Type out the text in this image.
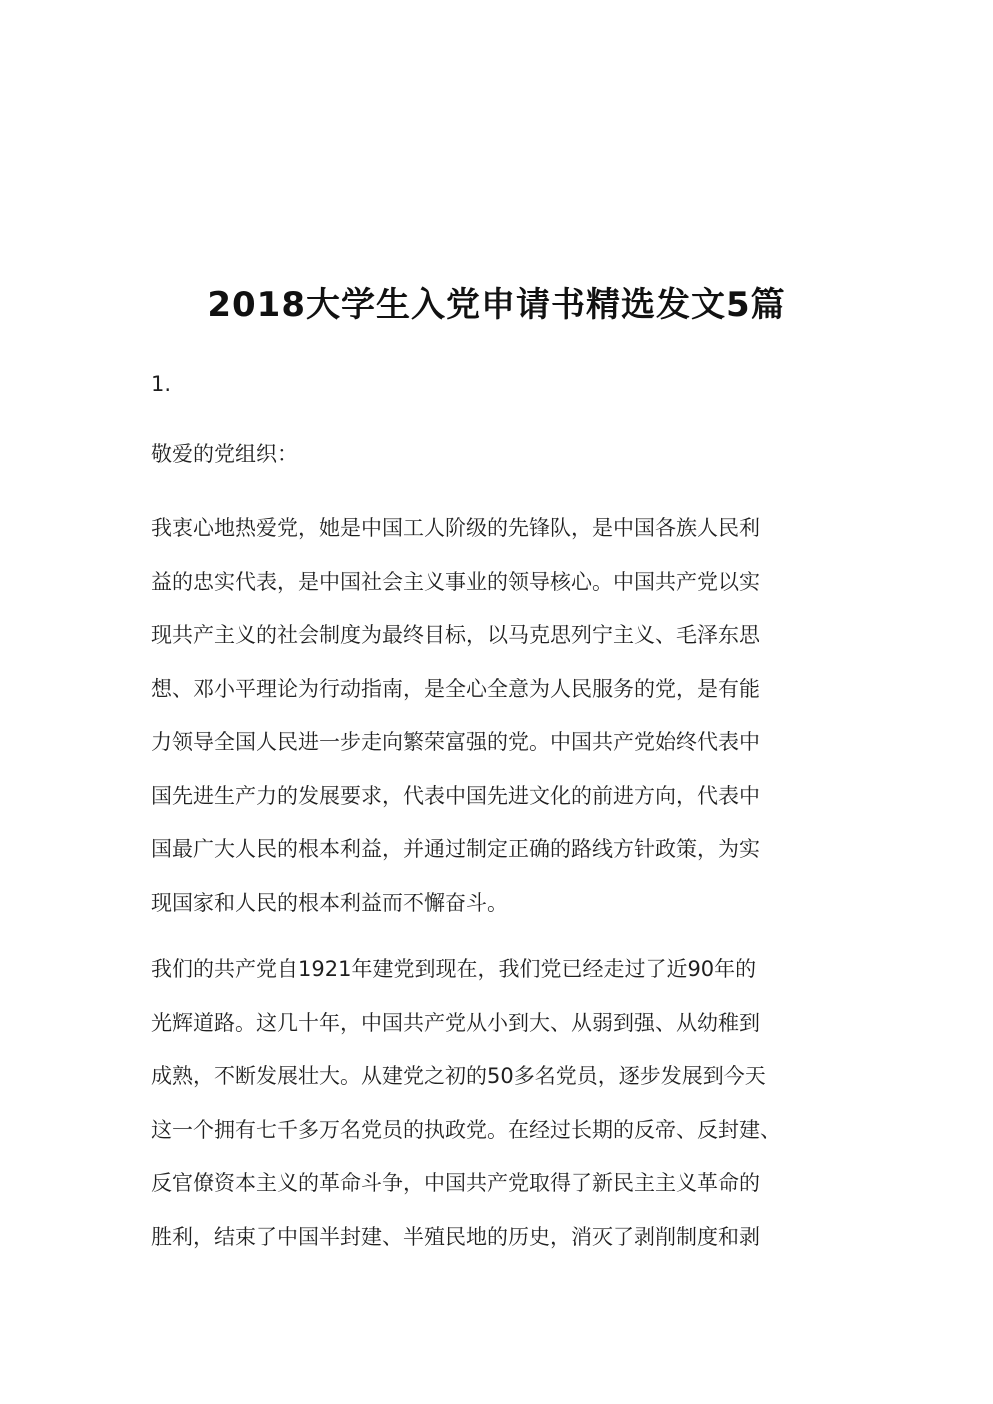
2018大学生入党申请书精选发文5篇
1.
敬爱的党组织：
我衷心地热爱党，她是中国工人阶级的先锋队，是中国各族人民利
益的忠实代表，是中国社会主义事业的领导核心。中国共产党以实
现共产主义的社会制度为最终目标，以马克思列宁主义、毛泽东思
想、邓小平理论为行动指南，是全心全意为人民服务的党，是有能
力领导全国人民进一步走向繁荣富强的党。中国共产党始终代表中
国先进生产力的发展要求，代表中国先进文化的前进方向，代表中
国最广大人民的根本利益，并通过制定正确的路线方针政策，为实
现国家和人民的根本利益而不懈奋斗。
我们的共产党自1921年建党到现在，我们党已经走过了近90年的
光辉道路。这几十年，中国共产党从小到大、从弱到强、从幼稚到
成熟，不断发展壮大。从建党之初的50多名党员，逐步发展到今天
这一个拥有七千多万名党员的执政党。在经过长期的反帝、反封建、
反官僚资本主义的革命斗争，中国共产党取得了新民主主义革命的
胜利，结束了中国半封建、半殖民地的历史，消灭了剥削制度和剥
